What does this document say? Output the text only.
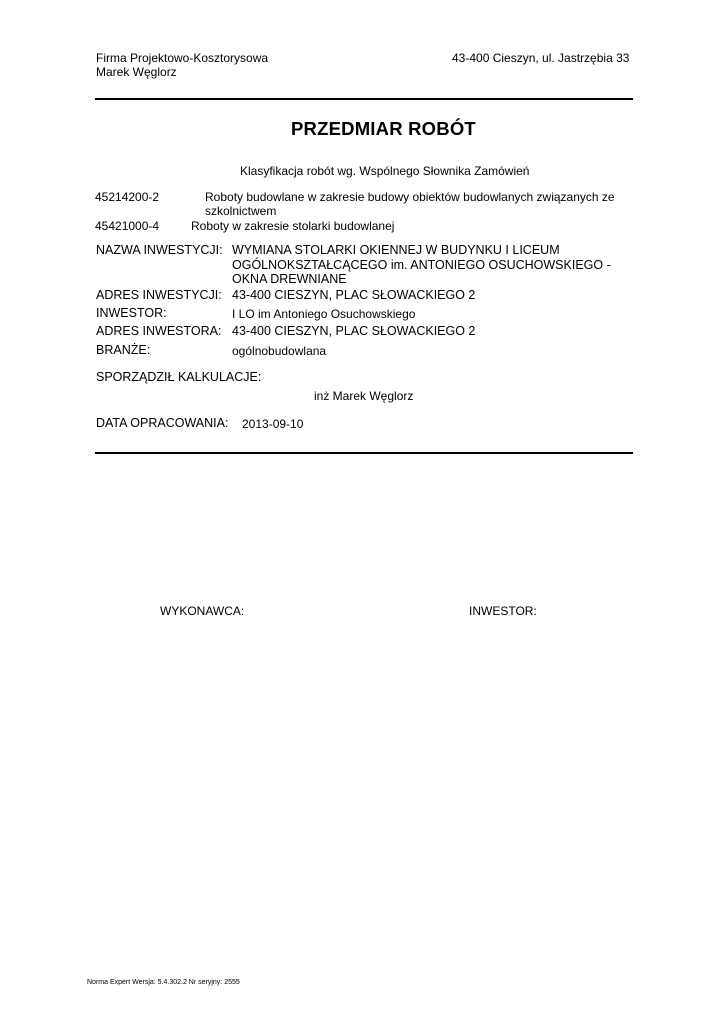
Firma Projektowo-Kosztorysowa
Marek Węglorz
43-400 Cieszyn, ul. Jastrzębia 33
PRZEDMIAR ROBÓT
Klasyfikacja robót wg. Wspólnego Słownika Zamówień
45214200-2	Roboty budowlane w zakresie budowy obiektów budowlanych związanych ze
szkolnictwem
45421000-4	Roboty w zakresie stolarki budowlanej
NAZWA INWESTYCJI: WYMIANA STOLARKI OKIENNEJ W BUDYNKU I LICEUM
OGÓLNOKSZTAŁCĄCEGO im. ANTONIEGO OSUCHOWSKIEGO -
OKNA DREWNIANE
ADRES INWESTYCJI: 43-400 CIESZYN, PLAC SŁOWACKIEGO 2
INWESTOR:	I LO im Antoniego Osuchowskiego
ADRES INWESTORA: 43-400 CIESZYN, PLAC SŁOWACKIEGO 2
BRANŻE:	ogólnobudowlana
SPORZĄDZIŁ KALKULACJE:
inż Marek Węglorz
DATA OPRACOWANIA: 2013-09-10
WYKONAWCA:	INWESTOR:
Norma Expert Wersja: 5.4.302.2 Nr seryjny: 2555
